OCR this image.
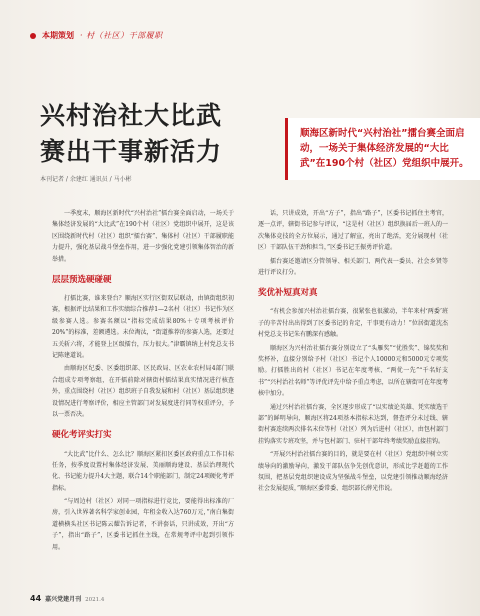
本期策划 · 村（社区）干部履职
兴村治社大比武
赛出干事新活力
顺海区新时代“兴村治社”擂台赛全面启动，一场关于集体经济发展的“大比武”在190个村（社区）党组织中展开。
本刊记者 / 余建红 通讯员 / 马小彬

一季度末，顺海区新时代“兴村治社”擂台赛全面启动，一场关于集体经济发展的“大比武”在190个村（社区）党组织中展开，这是该区围绕新时代村（社区）组织“擂台赛”、集体村（社区）干部履职能力提升，强化基层战斗堡垒作用，进一步强化党建引领集体智治的新举措。

层层预选硬碰硬

打擂比赛，谁来登台？顺海区实行区街双层联动，由镇街组织初赛，根据评比结果和工作实绩综合推荐1—2名村（社区）书记作为区级参赛人选。参赛名额以“指标完成结果80%＋专项考核评价20%”的标准，差额遴选。未位淘汰，“街道推荐的参赛人选，还要过五关斩六将，才能登上区级擂台，压力很大。”津霸镇纳上村党总支书记陈建道说。

由顺海区纪委、区委组织部、区民政局、区农业农村局4部门联合组成专项考察组，在开擂前除对辖街村擂结果真实情况进行核查外，重点围绕村（社区）组织班子自我发展和村（社区）基层组织建设情况进行考察评价，相应主管部门对发展度进行同等权重评分，予以一票否决。

硬化考评实打实

“大比武”比什么、怎么比？顺海区紧扣区委区政府重点工作目标任务，按季度设置村集体经济发展、美丽顺海建设、基层治理现代化、书记能力提升4大主题，联合14个职能部门，制定24项硬化考评指标。

“与周边村（社区）对同一项指标进行竞比，要能得出标准的厂房，引入世界著名科学家创业园，年租金收入达760万元，”南白集街道横横头社区书记陈云耀告诉记者，不讲套话，只讲成效，开出“方子”，指出“路子”，区委书记抓住主线，在常规考评中起到引领作用。

话，只讲成效，开出“方子”，指出“路子”，区委书记抓住主考官，逐一点评，辖街书记参与评议，“这是村（社区）组织换届后一班人的一次集体竞技的全方位展示，通过了解宣，亮出了绝活，充分展现村（社区）干部队伍干劲和担当，”区委书记王振勇评价道。

擂台赛还邀请区分管领导、相关部门、两代表一委员、社会乡贤等进行评议打分。

奖优补短真对真

“有机会参加兴村治社擂台赛，很紧张也很激动，半年来村‘两委’班子的辛苦付出出得到了区委书记的肯定，干事更有动力！”位居街道沈杰村党总支书记朱有鹏深有感触。

顺海区为兴村治社擂台赛分别设立了“头雁奖”“优胜奖”、锦奖奖和奖杯补，直接分别给予村（社区）书记个人10000元和5000元专项奖励。打擂胜出的村（社区）书记在年度考核、“两优一先”“千名好支书”“兴村治社名师”等评优评先中给予重点考虑，以所在辖街可在年度考核中加分。

通过兴村治社擂台赛，全区逐步形成了“以实绩论英雄、凭实绩选干部”的鲜明导向，顺海区将24项基本指标未达到，督查评分未过线、辖街村赛连续两次排名末位等村（社区）列为后进村（社区），由包村部门挂钩落实专班攻坚，并与包村部门、驻村干部年终考绩奖励直接挂钩。

“开展兴村治社擂台赛的目的，就是要在村（社区）党组织中树立实绩导向的激励导向，激发干部队伍争先创优意识，形成比学赶超的工作氛围，把基层党组织建设成为坚强战斗堡垒，以党建引领推动顺海经济社会发展提质，”顺海区委常委、组织部长薛光伟说。

44 嘉兴党建月刊 2021.4
